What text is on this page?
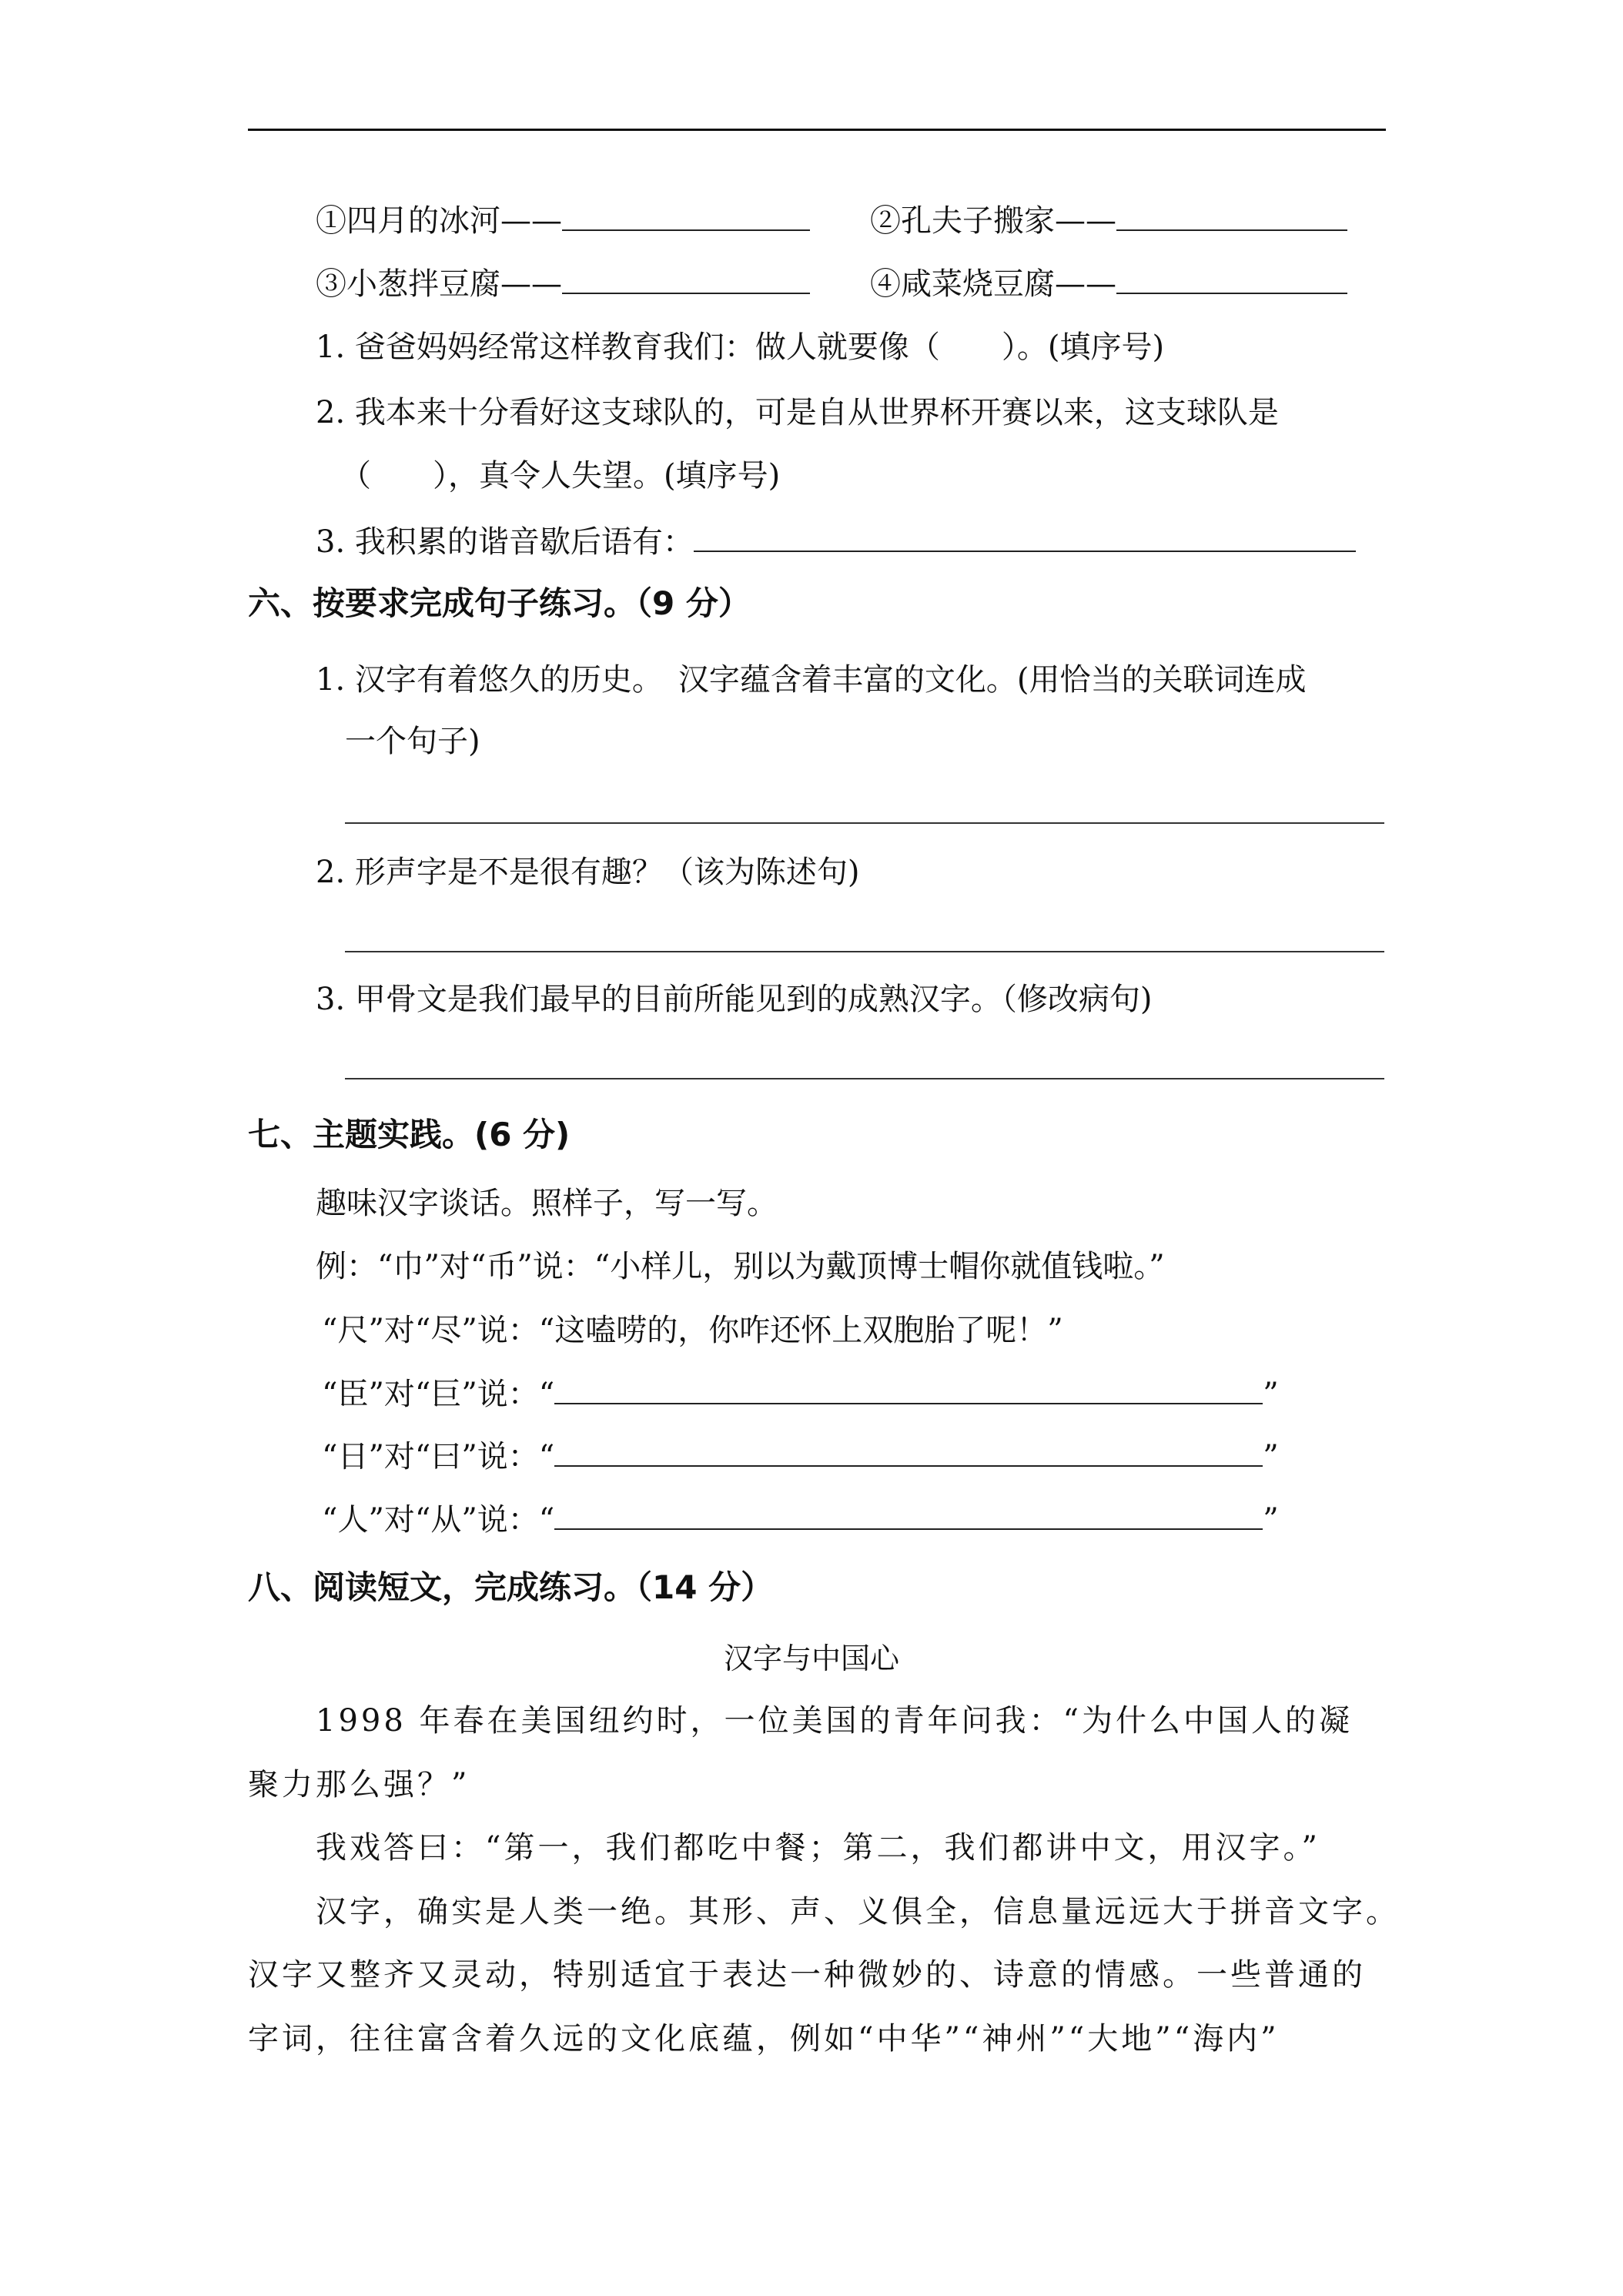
①四月的冰河——	②孔夫子搬家——
③小葱拌豆腐——	④咸菜烧豆腐——
1. 爸爸妈妈经常这样教育我们：做人就要像（　　）。(填序号)
2. 我本来十分看好这支球队的，可是自从世界杯开赛以来，这支球队是
（　　），真令人失望。(填序号)
3. 我积累的谐音歇后语有：
六、按要求完成句子练习。（9 分）
1. 汉字有着悠久的历史。　汉字蕴含着丰富的文化。(用恰当的关联词连成
一个句子)
2. 形声字是不是很有趣？（该为陈述句)
3. 甲骨文是我们最早的目前所能见到的成熟汉字。（修改病句)
七、主题实践。(6 分)
趣味汉字谈话。照样子，写一写。
例：“巾”对“币”说：“小样儿，别以为戴顶博士帽你就值钱啦。”
“尺”对“尽”说：“这嗑唠的，你咋还怀上双胞胎了呢！”
“臣”对“巨”说：“	”
“日”对“曰”说：“	”
“人”对“从”说：“	”
八、阅读短文，完成练习。（14 分）
汉字与中国心
1998 年春在美国纽约时，一位美国的青年问我：“为什么中国人的凝
聚力那么强？”
我戏答曰：“第一，我们都吃中餐；第二，我们都讲中文，用汉字。”
汉字，确实是人类一绝。其形、声、义俱全，信息量远远大于拼音文字。
汉字又整齐又灵动，特别适宜于表达一种微妙的、诗意的情感。一些普通的
字词，往往富含着久远的文化底蕴，例如“中华”“神州”“大地”“海内”
